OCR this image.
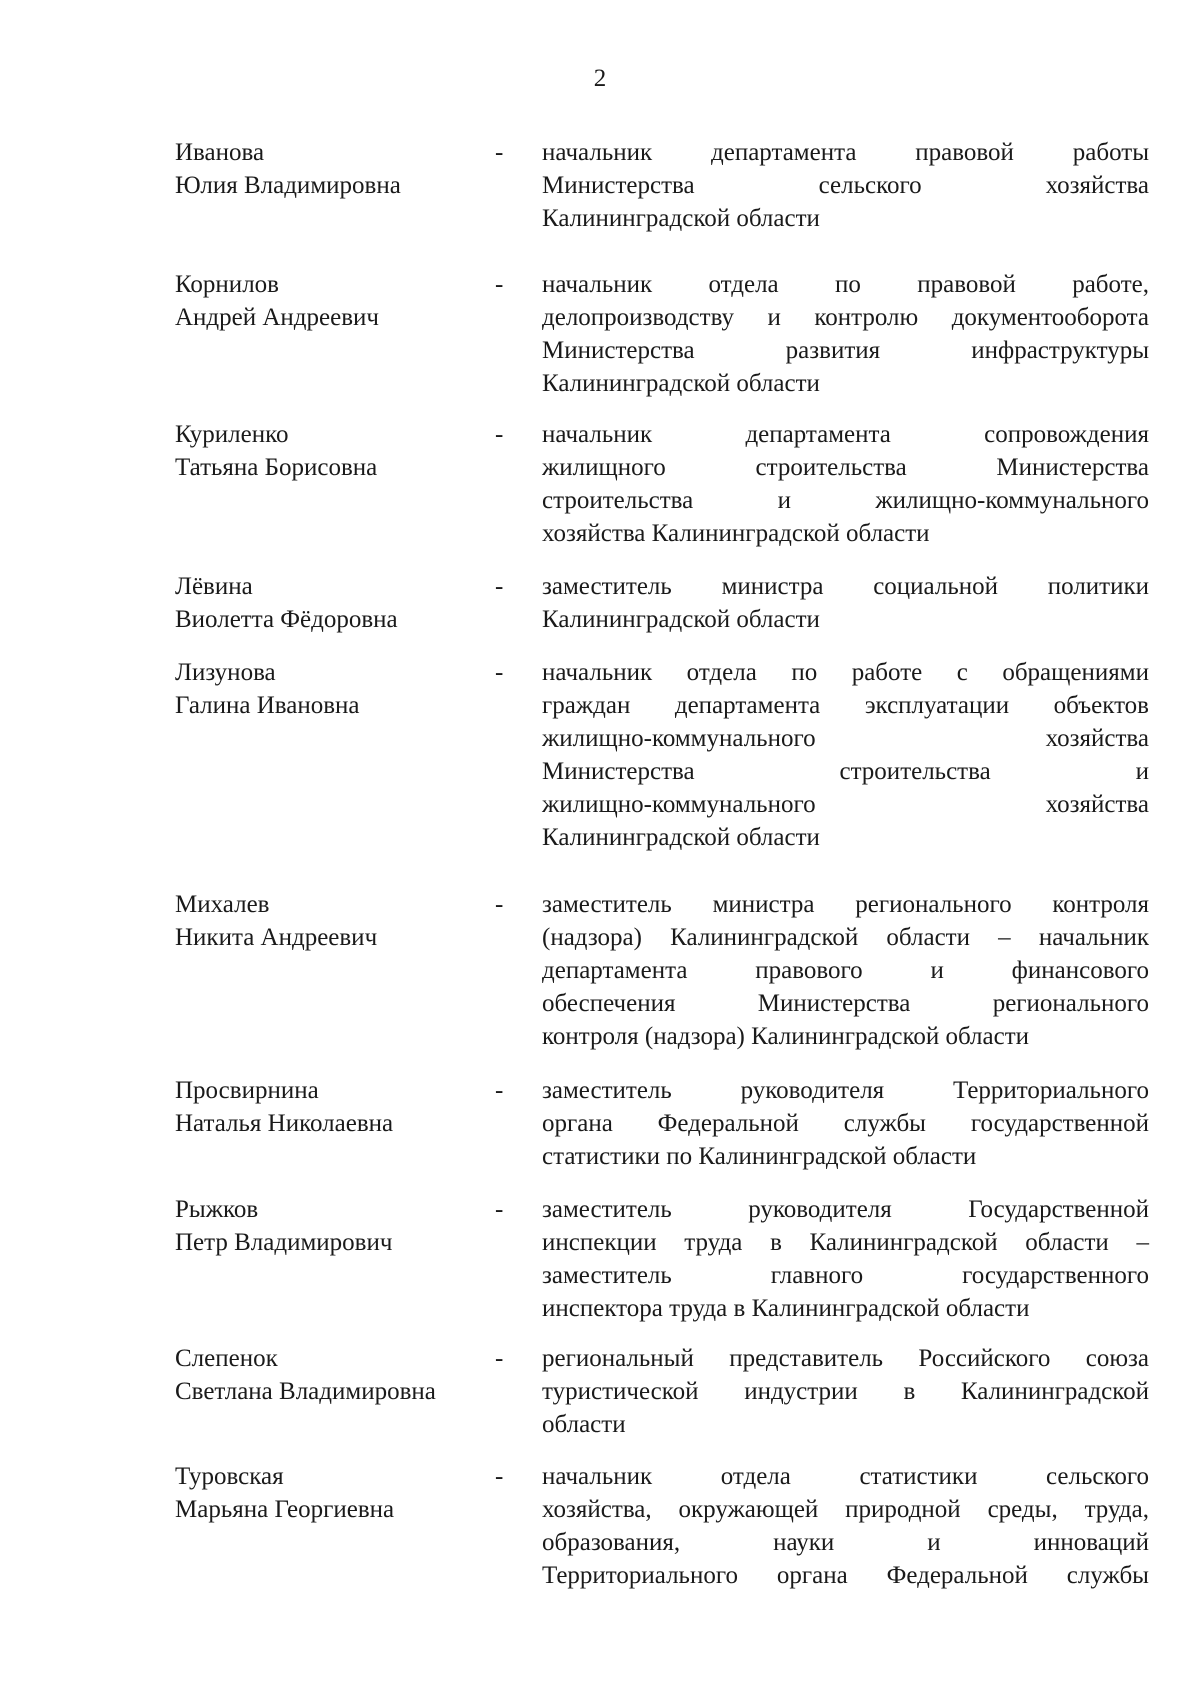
2
Иванова
Юлия Владимировна
- начальник департамента правовой работы
Министерства	сельского	хозяйства
Калининградской области
Корнилов
Андрей Андреевич
- начальник отдела по правовой работе,
делопроизводству и контролю документооборота
Министерства	развития	инфраструктуры
Калининградской области
Куриленко
Татьяна Борисовна
- начальник	департамента	сопровождения
жилищного	строительства	Министерства
строительства	и	жилищно-коммунального
хозяйства Калининградской области
Лёвина
Виолетта Фёдоровна
- заместитель министра социальной политики
Калининградской области
Лизунова
Галина Ивановна
- начальник отдела по работе с обращениями
граждан департамента эксплуатации объектов
жилищно-коммунального	хозяйства
Министерства	строительства	и
жилищно-коммунального	хозяйства
Калининградской области
Михалев
Никита Андреевич
- заместитель министра регионального контроля
(надзора) Калининградской области – начальник
департамента	правового	и	финансового
обеспечения	Министерства	регионального
контроля (надзора) Калининградской области
Просвирнина
Наталья Николаевна
- заместитель	руководителя	Территориального
органа Федеральной службы государственной
статистики по Калининградской области
Рыжков
Петр Владимирович
- заместитель	руководителя	Государственной
инспекции труда в Калининградской области –
заместитель	главного	государственного
инспектора труда в Калининградской области
Слепенок
Светлана Владимировна
- региональный представитель Российского союза
туристической индустрии в Калининградской
области
Туровская
Марьяна Георгиевна
- начальник	отдела	статистики	сельского
хозяйства, окружающей природной среды, труда,
образования,	науки	и	инноваций
Территориального органа Федеральной службы
